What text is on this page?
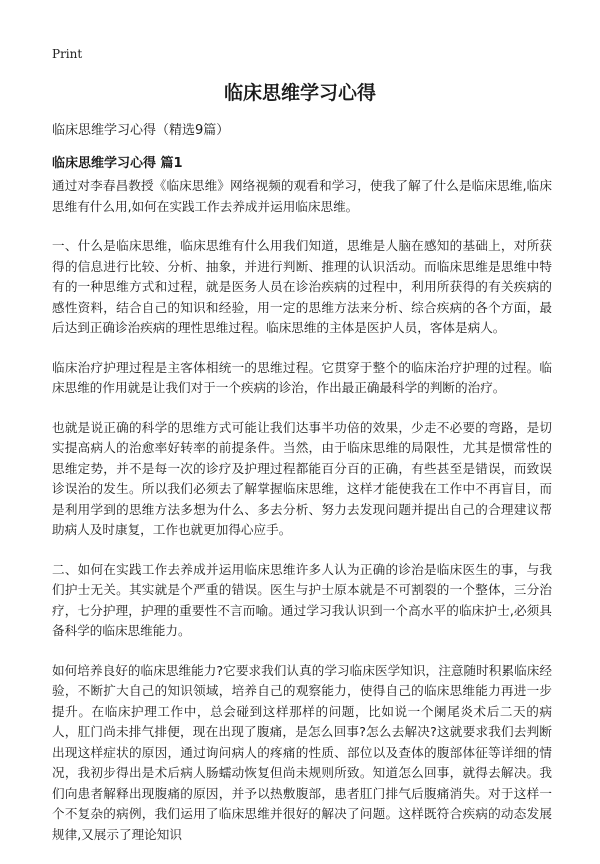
Print
临床思维学习心得
临床思维学习心得（精选9篇）
临床思维学习心得 篇1

通过对李春昌教授《临床思维》网络视频的观看和学习，使我了解了什么是临床思维,临床思维有什么用,如何在实践工作去养成并运用临床思维。

一、什么是临床思维，临床思维有什么用我们知道，思维是人脑在感知的基础上，对所获得的信息进行比较、分析、抽象，并进行判断、推理的认识活动。而临床思维是思维中特有的一种思维方式和过程，就是医务人员在诊治疾病的过程中，利用所获得的有关疾病的感性资料，结合自己的知识和经验，用一定的思维方法来分析、综合疾病的各个方面，最后达到正确诊治疾病的理性思维过程。临床思维的主体是医护人员，客体是病人。

临床治疗护理过程是主客体相统一的思维过程。它贯穿于整个的临床治疗护理的过程。临床思维的作用就是让我们对于一个疾病的诊治，作出最正确最科学的判断的治疗。

也就是说正确的科学的思维方式可能让我们达事半功倍的效果，少走不必要的弯路，是切实提高病人的治愈率好转率的前提条件。当然，由于临床思维的局限性，尤其是惯常性的思维定势，并不是每一次的诊疗及护理过程都能百分百的正确，有些甚至是错误，而致误诊误治的发生。所以我们必须去了解掌握临床思维，这样才能使我在工作中不再盲目，而是利用学到的思维方法多想为什么、多去分析、努力去发现问题并提出自己的合理建议帮助病人及时康复，工作也就更加得心应手。

二、如何在实践工作去养成并运用临床思维许多人认为正确的诊治是临床医生的事，与我们护士无关。其实就是个严重的错误。医生与护士原本就是不可割裂的一个整体，三分治疗，七分护理，护理的重要性不言而喻。通过学习我认识到一个高水平的临床护士,必须具备科学的临床思维能力。

如何培养良好的临床思维能力?它要求我们认真的学习临床医学知识，注意随时积累临床经验，不断扩大自己的知识领域，培养自己的观察能力，使得自己的临床思维能力再进一步提升。在临床护理工作中，总会碰到这样那样的问题，比如说一个阑尾炎术后二天的病人，肛门尚未排气排便，现在出现了腹痛，是怎么回事?怎么去解决?这就要求我们去判断出现这样症状的原因，通过询问病人的疼痛的性质、部位以及查体的腹部体征等详细的情况，我初步得出是术后病人肠蠕动恢复但尚未规则所致。知道怎么回事，就得去解决。我们向患者解释出现腹痛的原因，并予以热敷腹部，患者肛门排气后腹痛消失。对于这样一个不复杂的病例，我们运用了临床思维并很好的解决了问题。这样既符合疾病的动态发展规律,又展示了理论知识
